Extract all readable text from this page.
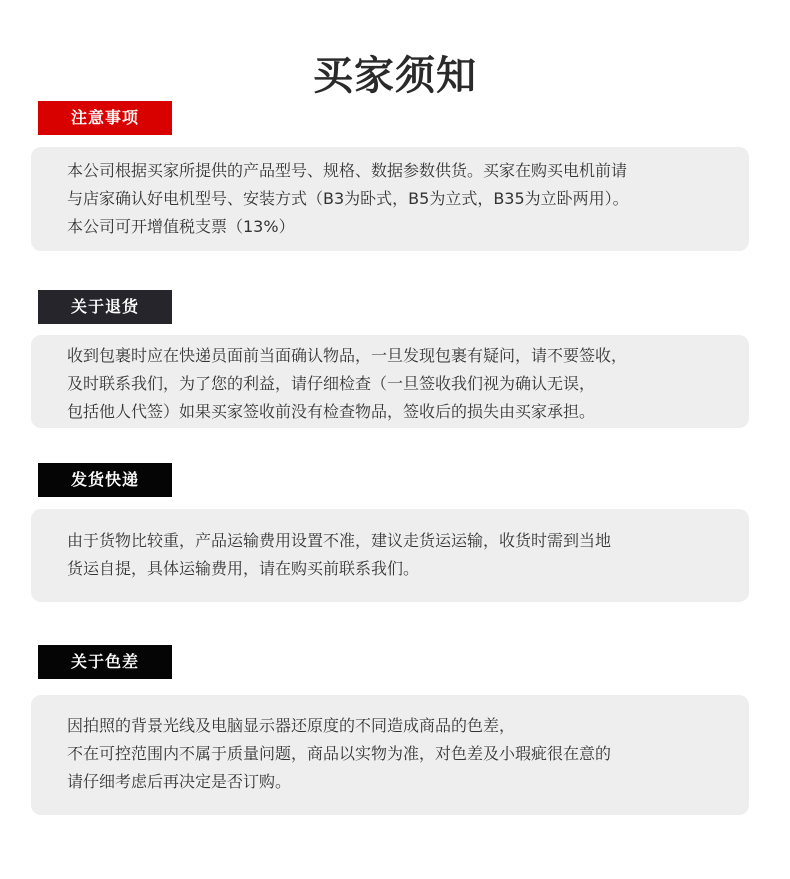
买家须知
注意事项

本公司根据买家所提供的产品型号、规格、数据参数供货。买家在购买电机前请

与店家确认好电机型号、安装方式（B3为卧式，B5为立式，B35为立卧两用）。

本公司可开增值税支票（13%）

关于退货

收到包裹时应在快递员面前当面确认物品，一旦发现包裹有疑问，请不要签收，

及时联系我们，为了您的利益，请仔细检查（一旦签收我们视为确认无误，

包括他人代签）如果买家签收前没有检查物品，签收后的损失由买家承担。

发货快递

由于货物比较重，产品运输费用设置不准，建议走货运运输，收货时需到当地

货运自提，具体运输费用，请在购买前联系我们。

关于色差

因拍照的背景光线及电脑显示器还原度的不同造成商品的色差，

不在可控范围内不属于质量问题，商品以实物为准，对色差及小瑕疵很在意的

请仔细考虑后再决定是否订购。
